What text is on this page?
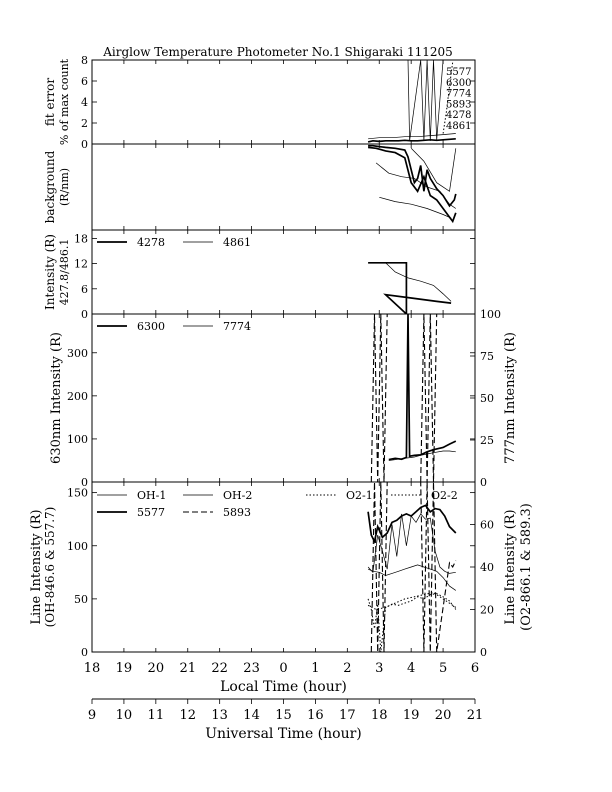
Airglow Temperature Photometer No.1 Shigaraki 111205
0
2
4
6
8
fit error % of max count	5577
6300
7774
5893
4278
4861
background (R/nm)
0
6
12
18
Intensity (R) 427.8/486.1	4278	4861
0
100
200
300
0
25
50
75
100
630nm Intensity (R)	777nm Intensity (R)
6300	7774
0
50
100
150
0
20
40
60
Line Intensity (R) (OH-846.6 & 557.7)	Line Intensity (R) (O2-866.1 & 589.3)
OH-1	OH-2	O2-1	O2-2
5577	5893
18 19 20 21 22 23 0 1 2 3 4 5 6
Local Time (hour)
9 10 11 12 13 14 15 16 17 18 19 20 21
Universal Time (hour)
